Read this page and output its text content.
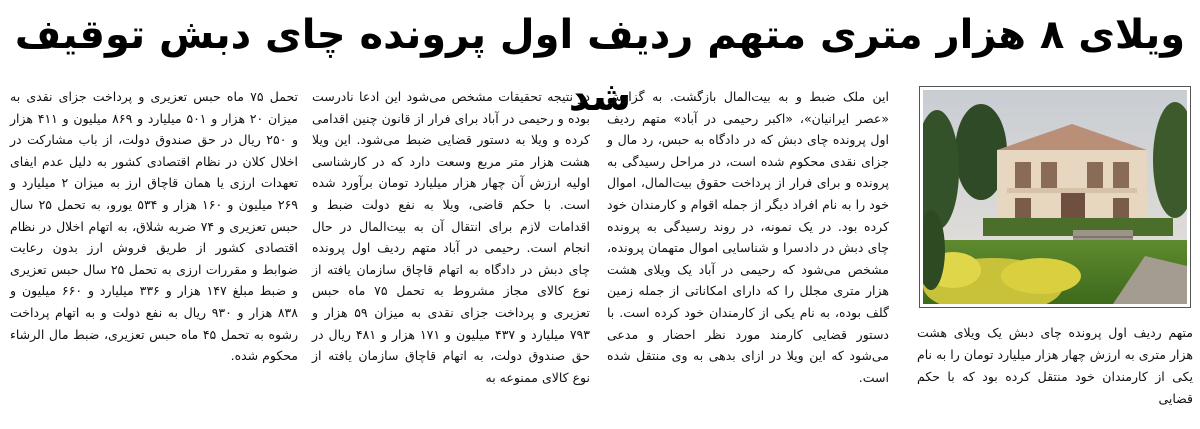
ویلای ۸ هزار متری متهم ردیف اول پرونده چای دبش توقیف شد

متهم ردیف اول پرونده چای دبش یک ویلای هشت هزار متری به ارزش چهار هزار میلیارد تومان را به نام یکی از کارمندان خود منتقل کرده بود که با حکم قضایی

این ملک ضبط و به بیت‌المال بازگشت. به گزارش «عصر ایرانیان»، «اکبر رحیمی در آباد» متهم ردیف اول پرونده چای دبش که در دادگاه به حبس، رد مال و جزای نقدی محکوم شده است، در مراحل رسیدگی به پرونده و برای فرار از پرداخت حقوق بیت‌المال، اموال خود را به نام افراد دیگر از جمله اقوام و کارمندان خود کرده بود. در یک نمونه، در روند رسیدگی به پرونده چای دبش در دادسرا و شناسایی اموال متهمان پرونده، مشخص می‌شود که رحیمی در آباد یک ویلای هشت هزار متری مجلل را که دارای امکاناتی از جمله زمین گلف بوده، به نام یکی از کارمندان خود کرده است. با دستور قضایی کارمند مورد نظر احضار و مدعی می‌شود که این ویلا در ازای بدهی به وی منتقل شده است.

در نتیجه تحقیقات مشخص می‌شود این ادعا نادرست بوده و رحیمی در آباد برای فرار از قانون چنین اقدامی کرده و ویلا به دستور قضایی ضبط می‌شود. این ویلا هشت هزار متر مربع وسعت دارد که در کارشناسی اولیه ارزش آن چهار هزار میلیارد تومان برآورد شده است. با حکم قاضی، ویلا به نفع دولت ضبط و اقدامات لازم برای انتقال آن به بیت‌المال در حال انجام است. رحیمی در آباد متهم ردیف اول پرونده چای دبش در دادگاه به اتهام قاچاق سازمان یافته از نوع کالای مجاز مشروط به تحمل ۷۵ ماه حبس تعزیری و پرداخت جزای نقدی به میزان ۵۹ هزار و ۷۹۳ میلیارد و ۴۳۷ میلیون و ۱۷۱ هزار و ۴۸۱ ریال در حق صندوق دولت، به اتهام قاچاق سازمان یافته از نوع کالای ممنوعه به

تحمل ۷۵ ماه حبس تعزیری و پرداخت جزای نقدی به میزان ۲۰ هزار و ۵۰۱ میلیارد و ۸۶۹ میلیون و ۴۱۱ هزار و ۲۵۰ ریال در حق صندوق دولت، از باب مشارکت در اخلال کلان در نظام اقتصادی کشور به دلیل عدم ایفای تعهدات ارزی یا همان قاچاق ارز به میزان ۲ میلیارد و ۲۶۹ میلیون و ۱۶۰ هزار و ۵۳۴ یورو، به تحمل ۲۵ سال حبس تعزیری و ۷۴ ضربه شلاق، به اتهام اخلال در نظام اقتصادی کشور از طریق فروش ارز بدون رعایت ضوابط و مقررات ارزی به تحمل ۲۵ سال حبس تعزیری و ضبط مبلغ ۱۴۷ هزار و ۳۳۶ میلیارد و ۶۶۰ میلیون و ۸۳۸ هزار و ۹۳۰ ریال به نفع دولت و به اتهام پرداخت رشوه به تحمل ۴۵ ماه حبس تعزیری، ضبط مال الرشاء محکوم شده.
